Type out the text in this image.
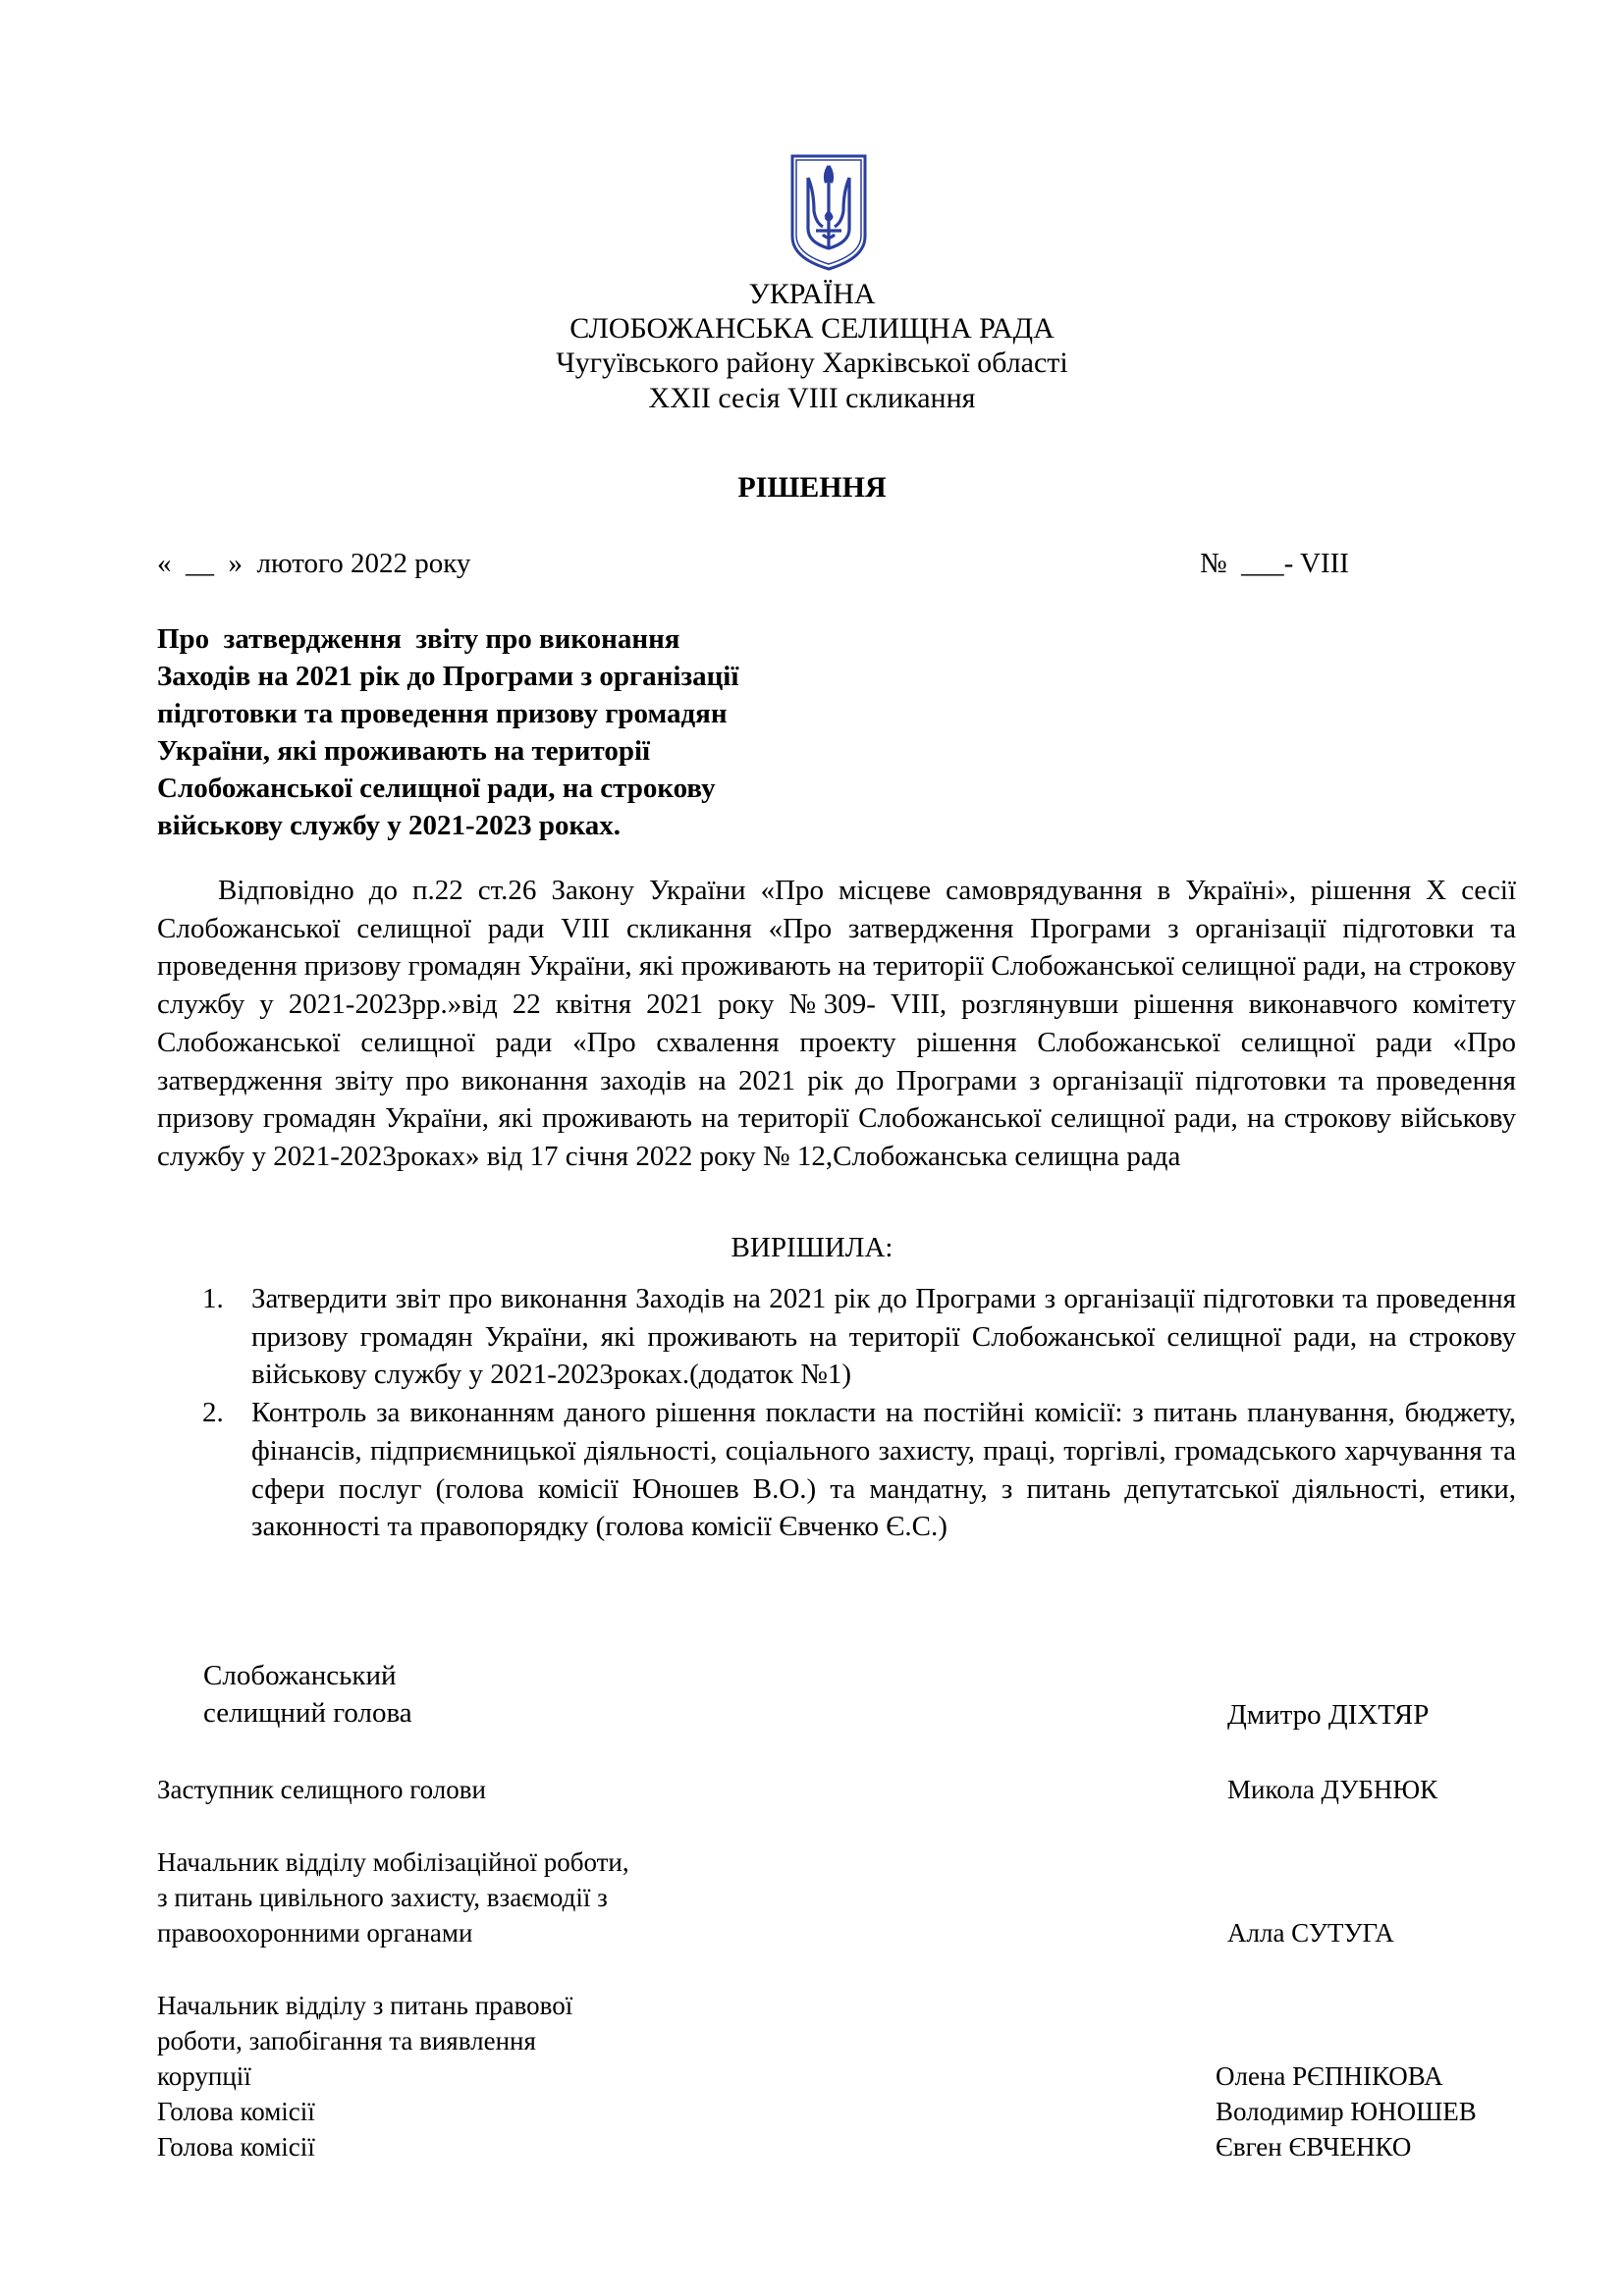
УКРАЇНА
СЛОБОЖАНСЬКА СЕЛИЩНА РАДА
Чугуївського району Харківської області
XXII сесія VIII скликання
РІШЕННЯ
«  __  »  лютого 2022 року	№  ___- VIII
Про  затвердження  звіту про виконання
Заходів на 2021 рік до Програми з організації
підготовки та проведення призову громадян
України, які проживають на території
Слобожанської селищної ради, на строкову
військову службу у 2021-2023 роках.
Відповідно до п.22 ст.26 Закону України «Про місцеве самоврядування в Україні», рішення X сесії Слобожанської селищної ради VIII скликання «Про затвердження Програми з організації підготовки та проведення призову громадян України, які проживають на території Слобожанської селищної ради, на строкову службу у 2021-2023рр.»від 22 квітня 2021 року №309- VIII, розглянувши рішення виконавчого комітету Слобожанської селищної ради «Про схвалення проекту рішення Слобожанської селищної ради «Про затвердження звіту про виконання заходів на 2021 рік до Програми з організації підготовки та проведення призову громадян України, які проживають на території Слобожанської селищної ради, на строкову військову службу у 2021-2023роках» від 17 січня 2022 року № 12,Слобожанська селищна рада
ВИРІШИЛА:
1. Затвердити звіт про виконання Заходів на 2021 рік до Програми з організації підготовки та проведення призову громадян України, які проживають на території Слобожанської селищної ради, на строкову військову службу у 2021-2023роках.(додаток №1)
2. Контроль за виконанням даного рішення покласти на постійні комісії: з питань планування, бюджету, фінансів, підприємницької діяльності, соціального захисту, праці, торгівлі, громадського харчування та сфери послуг (голова комісії Юношев В.О.) та мандатну, з питань депутатської діяльності, етики, законності та правопорядку (голова комісії Євченко Є.С.)
Слобожанський
селищний голова	Дмитро ДІХТЯР
Заступник селищного голови	Микола ДУБНЮК
Начальник відділу мобілізаційної роботи,
з питань цивільного захисту, взаємодії з
правоохоронними органами	Алла СУТУГА
Начальник відділу з питань правової
роботи, запобігання та виявлення
корупції	Олена РЄПНІКОВА
Голова комісії	Володимир ЮНОШЕВ
Голова комісії	Євген ЄВЧЕНКО
